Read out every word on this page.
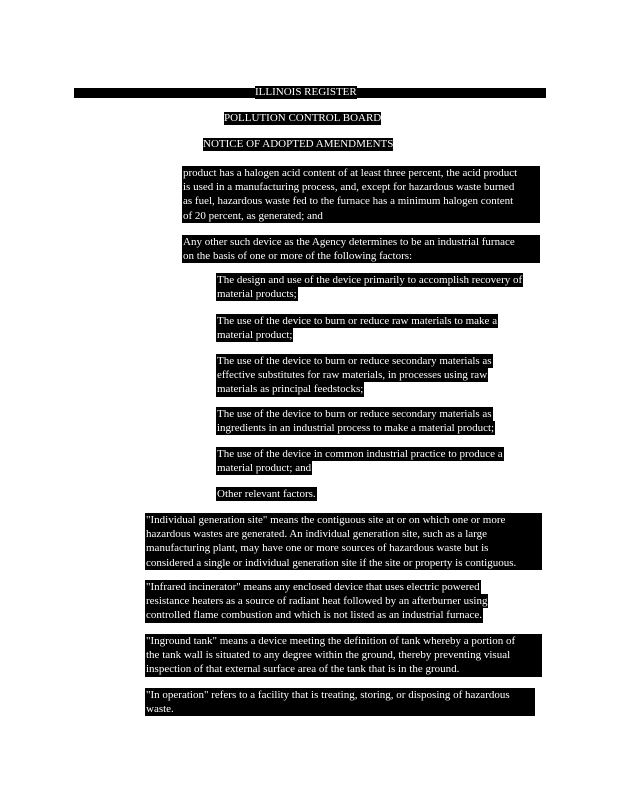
ILLINOIS REGISTER
POLLUTION CONTROL BOARD
NOTICE OF ADOPTED AMENDMENTS
product has a halogen acid content of at least three percent, the acid product
is used in a manufacturing process, and, except for hazardous waste burned
as fuel, hazardous waste fed to the furnace has a minimum halogen content
of 20 percent, as generated; and
Any other such device as the Agency determines to be an industrial furnace
on the basis of one or more of the following factors:
The design and use of the device primarily to accomplish recovery of
material products;
The use of the device to burn or reduce raw materials to make a
material product;
The use of the device to burn or reduce secondary materials as
effective substitutes for raw materials, in processes using raw
materials as principal feedstocks;
The use of the device to burn or reduce secondary materials as
ingredients in an industrial process to make a material product;
The use of the device in common industrial practice to produce a
material product; and
Other relevant factors.
"Individual generation site" means the contiguous site at or on which one or more
hazardous wastes are generated. An individual generation site, such as a large
manufacturing plant, may have one or more sources of hazardous waste but is
considered a single or individual generation site if the site or property is contiguous.
"Infrared incinerator" means any enclosed device that uses electric powered
resistance heaters as a source of radiant heat followed by an afterburner using
controlled flame combustion and which is not listed as an industrial furnace.
"Inground tank" means a device meeting the definition of tank whereby a portion of
the tank wall is situated to any degree within the ground, thereby preventing visual
inspection of that external surface area of the tank that is in the ground.
"In operation" refers to a facility that is treating, storing, or disposing of hazardous
waste.
